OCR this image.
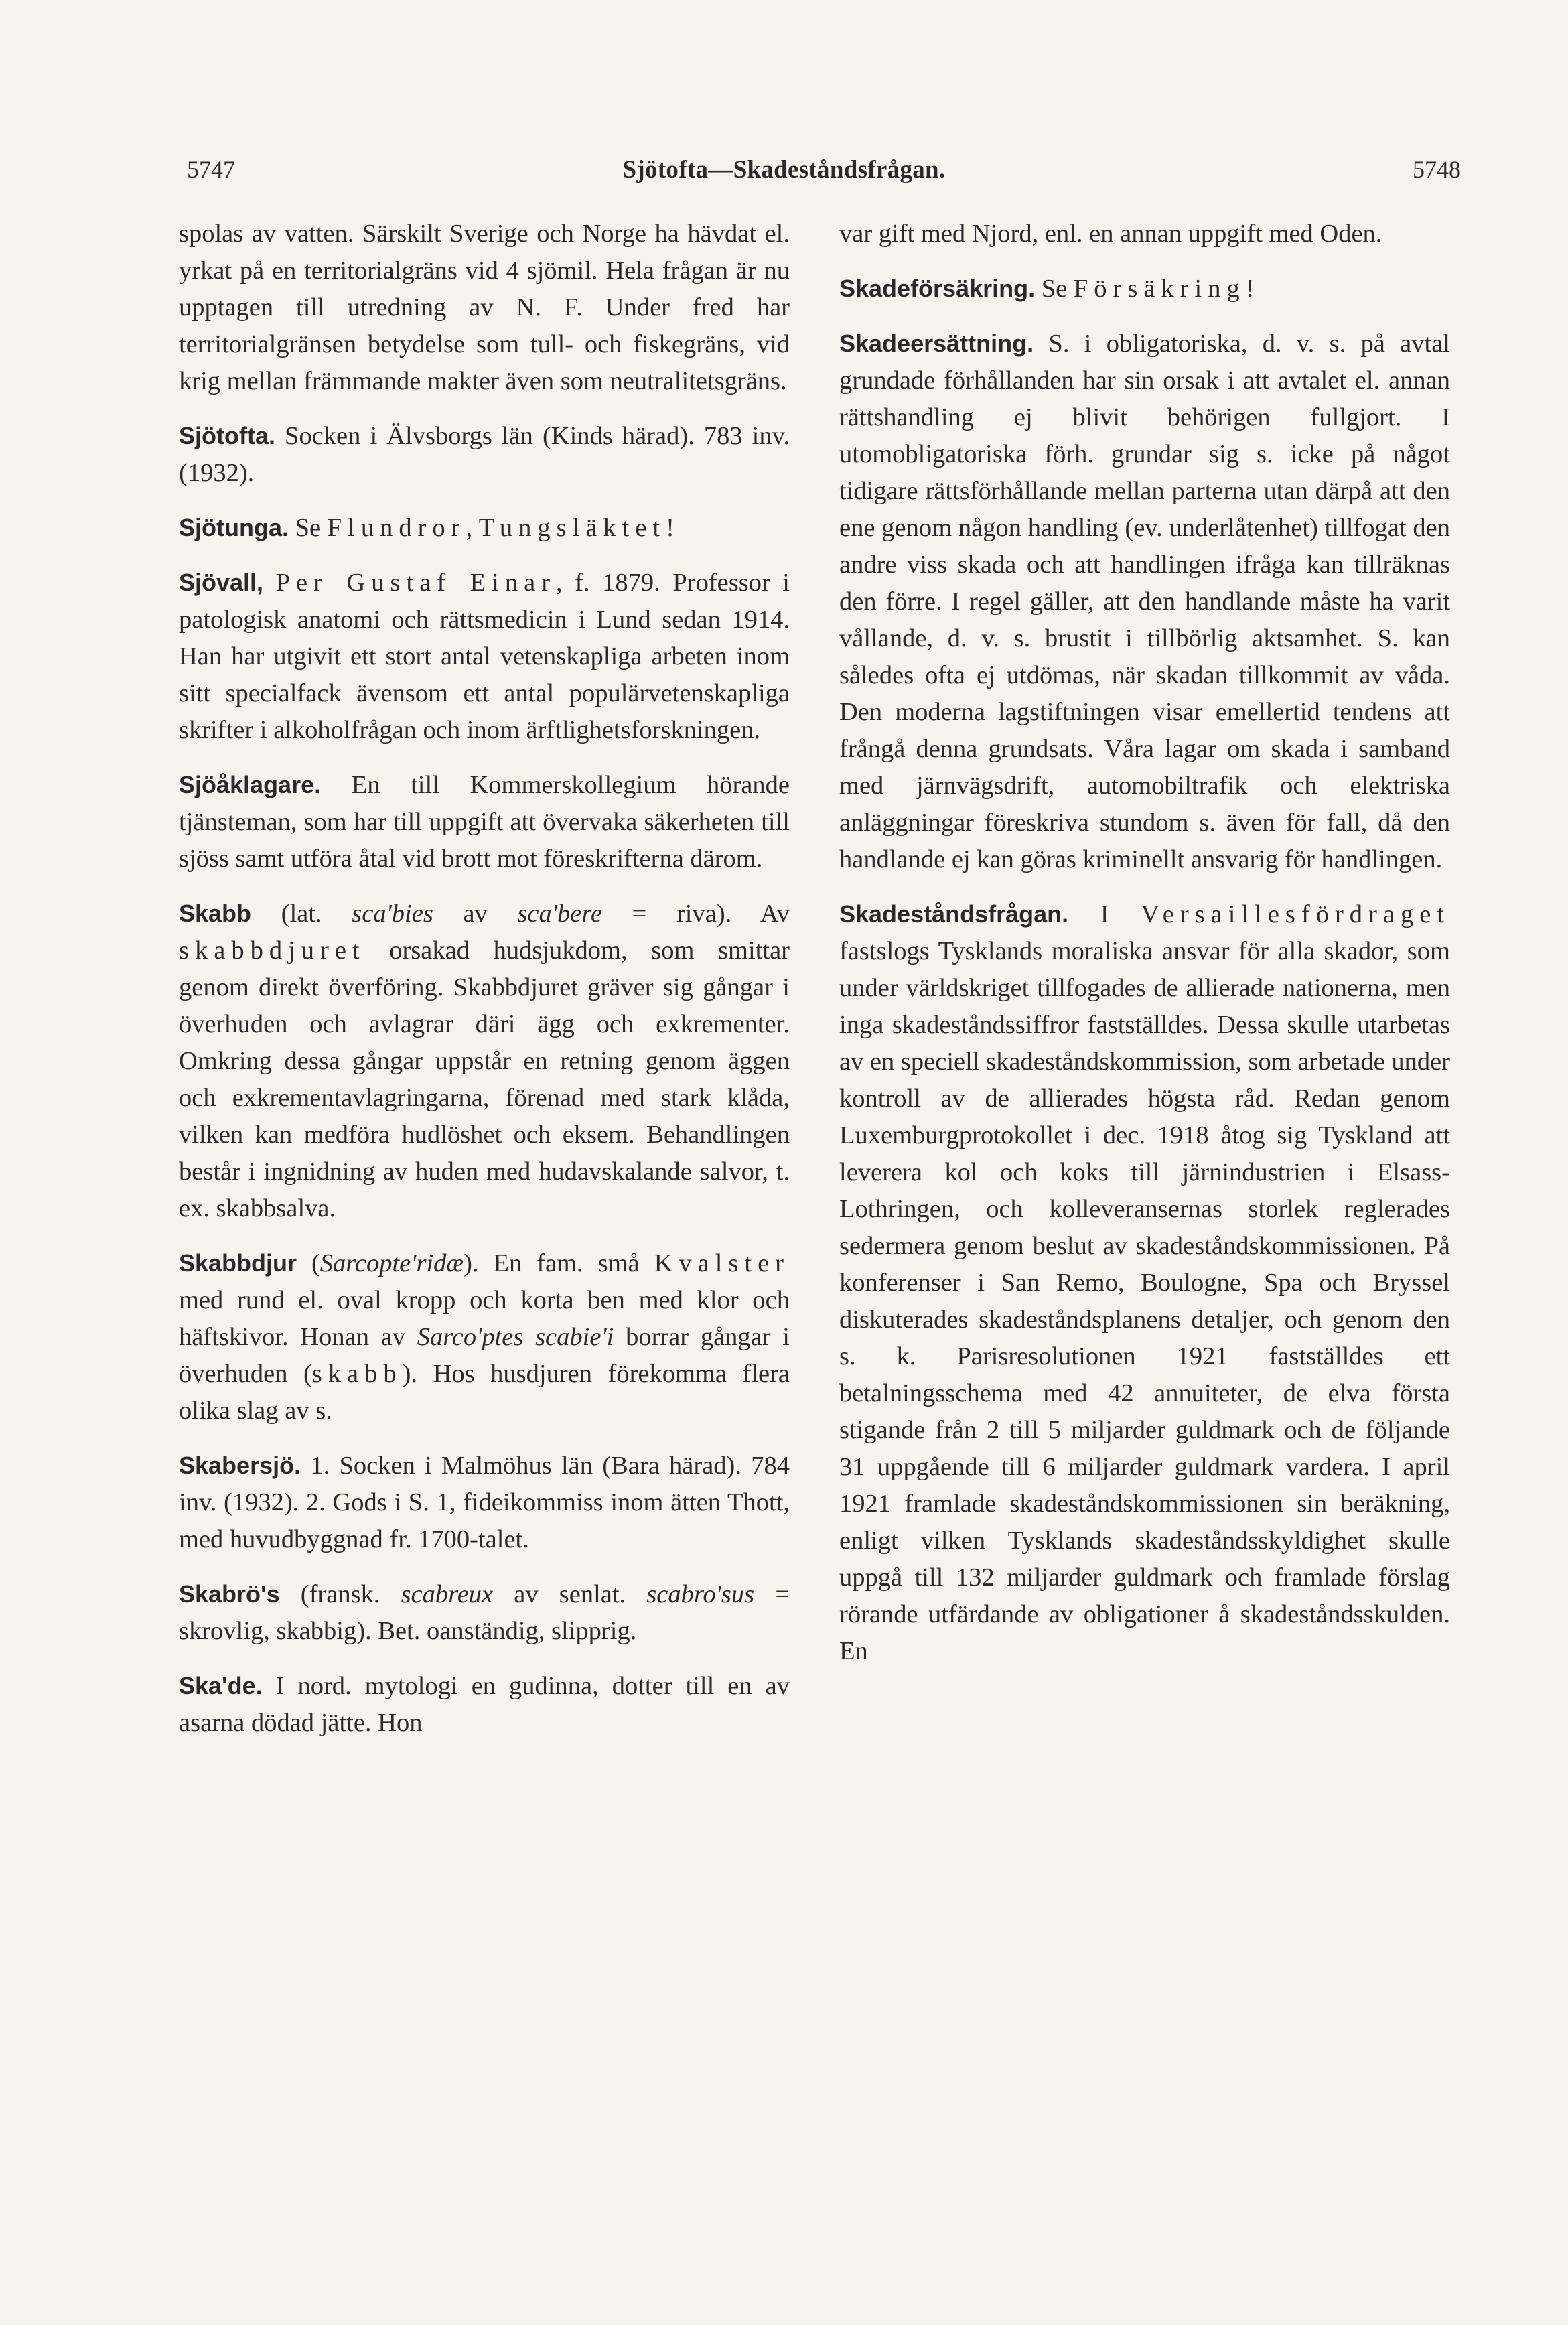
5747	Sjötofta—Skadeståndsfrågan.	5748

spolas av vatten. Särskilt Sverige och Norge ha hävdat el. yrkat på en territorialgräns vid 4 sjömil. Hela frågan är nu upptagen till utredning av N. F. Under fred har territorialgränsen betydelse som tull- och fiskegräns, vid krig mellan främmande makter även som neutralitetsgräns.

Sjötofta. Socken i Älvsborgs län (Kinds härad). 783 inv. (1932).

Sjötunga. Se Flundror, Tungsläktet!

Sjövall, Per Gustaf Einar, f. 1879. Professor i patologisk anatomi och rättsmedicin i Lund sedan 1914. Han har utgivit ett stort antal vetenskapliga arbeten inom sitt specialfack ävensom ett antal populärvetenskapliga skrifter i alkoholfrågan och inom ärftlighetsforskningen.

Sjöåklagare. En till Kommerskollegium hörande tjänsteman, som har till uppgift att övervaka säkerheten till sjöss samt utföra åtal vid brott mot föreskrifterna därom.

Skabb (lat. sca'bies av sca'bere = riva). Av skabbdjuret orsakad hudsjukdom, som smittar genom direkt överföring. Skabbdjuret gräver sig gångar i överhuden och avlagrar däri ägg och exkrementer. Omkring dessa gångar uppstår en retning genom äggen och exkrementavlagringarna, förenad med stark klåda, vilken kan medföra hudlöshet och eksem. Behandlingen består i ingnidning av huden med hudavskalande salvor, t. ex. skabbsalva.

Skabbdjur (Sarcopte'ridæ). En fam. små Kvalster med rund el. oval kropp och korta ben med klor och häftskivor. Honan av Sarco'ptes scabie'i borrar gångar i överhuden (skabb). Hos husdjuren förekomma flera olika slag av s.

Skabersjö. 1. Socken i Malmöhus län (Bara härad). 784 inv. (1932). 2. Gods i S. 1, fideikommiss inom ätten Thott, med huvudbyggnad fr. 1700-talet.

Skabrö's (fransk. scabreux av senlat. scabro'sus = skrovlig, skabbig). Bet. oanständig, slipprig.

Ska'de. I nord. mytologi en gudinna, dotter till en av asarna dödad jätte. Hon

var gift med Njord, enl. en annan uppgift med Oden.

Skadeförsäkring. Se Försäkring!

Skadeersättning. S. i obligatoriska, d. v. s. på avtal grundade förhållanden har sin orsak i att avtalet el. annan rättshandling ej blivit behörigen fullgjort. I utomobligatoriska förh. grundar sig s. icke på något tidigare rättsförhållande mellan parterna utan därpå att den ene genom någon handling (ev. underlåtenhet) tillfogat den andre viss skada och att handlingen ifråga kan tillräknas den förre. I regel gäller, att den handlande måste ha varit vållande, d. v. s. brustit i tillbörlig aktsamhet. S. kan således ofta ej utdömas, när skadan tillkommit av våda. Den moderna lagstiftningen visar emellertid tendens att frångå denna grundsats. Våra lagar om skada i samband med järnvägsdrift, automobiltrafik och elektriska anläggningar föreskriva stundom s. även för fall, då den handlande ej kan göras kriminellt ansvarig för handlingen.

Skadeståndsfrågan. I Versaillesfördraget fastslogs Tysklands moraliska ansvar för alla skador, som under världskriget tillfogades de allierade nationerna, men inga skadeståndssiffror fastställdes. Dessa skulle utarbetas av en speciell skadeståndskommission, som arbetade under kontroll av de allierades högsta råd. Redan genom Luxemburgprotokollet i dec. 1918 åtog sig Tyskland att leverera kol och koks till järnindustrien i Elsass-Lothringen, och kolleveransernas storlek reglerades sedermera genom beslut av skadeståndskommissionen. På konferenser i San Remo, Boulogne, Spa och Bryssel diskuterades skadeståndsplanens detaljer, och genom den s. k. Parisresolutionen 1921 fastställdes ett betalningsschema med 42 annuiteter, de elva första stigande från 2 till 5 miljarder guldmark och de följande 31 uppgående till 6 miljarder guldmark vardera. I april 1921 framlade skadeståndskommissionen sin beräkning, enligt vilken Tysklands skadeståndsskyldighet skulle uppgå till 132 miljarder guldmark och framlade förslag rörande utfärdande av obligationer å skadeståndsskulden. En
